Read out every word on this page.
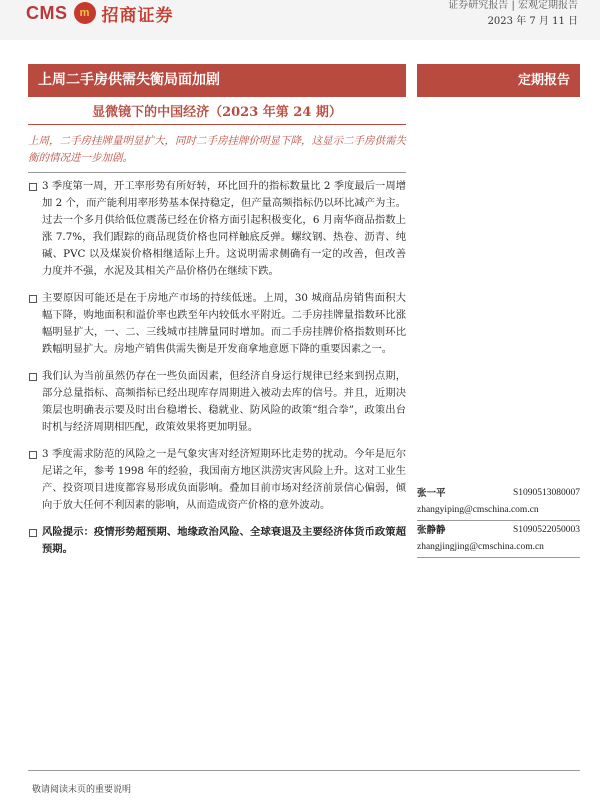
CMS	m 招商证券	证券研究报告 | 宏观定期报告
2023 年 7 月 11 日
上周二手房供需失衡局面加剧	定期报告
显微镜下的中国经济（2023 年第 24 期）
上周，二手房挂牌量明显扩大，同时二手房挂牌价明显下降，这显示二手房供需失衡的情况进一步加剧。
3 季度第一周，开工率形势有所好转，环比回升的指标数量比 2 季度最后一周增加 2 个，而产能利用率形势基本保持稳定，但产量高频指标仍以环比减产为主。过去一个多月供给低位震荡已经在价格方面引起积极变化，6 月南华商品指数上涨 7.7%，我们跟踪的商品现货价格也同样触底反弹。螺纹钢、热卷、沥青、纯碱、PVC 以及煤炭价格相继适际上升。这说明需求侧确有一定的改善，但改善力度并不强，水泥及其相关产品价格仍在继续下跌。
主要原因可能还是在于房地产市场的持续低迷。上周，30 城商品房销售面积大幅下降，购地面积和溢价率也跌至年内较低水平附近。二手房挂牌量指数环比涨幅明显扩大，一、二、三线城市挂牌量同时增加。而二手房挂牌价格指数则环比跌幅明显扩大。房地产销售供需失衡是开发商拿地意愿下降的重要因素之一。
我们认为当前虽然仍存在一些负面因素，但经济自身运行规律已经来到拐点期，部分总量指标、高频指标已经出现库存周期进入被动去库的信号。并且，近期决策层也明确表示要及时出台稳增长、稳就业、防风险的政策“组合拳”，政策出台时机与经济周期相匹配，政策效果将更加明显。
3 季度需求防范的风险之一是气象灾害对经济短期环比走势的扰动。今年是厄尔尼诺之年，参考 1998 年的经验，我国南方地区洪涝灾害风险上升。这对工业生产、投资项目进度都容易形成负面影响。叠加目前市场对经济前景信心偏弱，倾向于放大任何不利因素的影响，从而造成资产价格的意外波动。
风险提示：疫情形势超预期、地缘政治风险、全球衰退及主要经济体货币政策超预期。
张一平	S1090513080007
zhangyiping@cmschina.com.cn
张静静	S1090522050003
zhangjingjing@cmschina.com.cn
敬请阅读末页的重要说明
